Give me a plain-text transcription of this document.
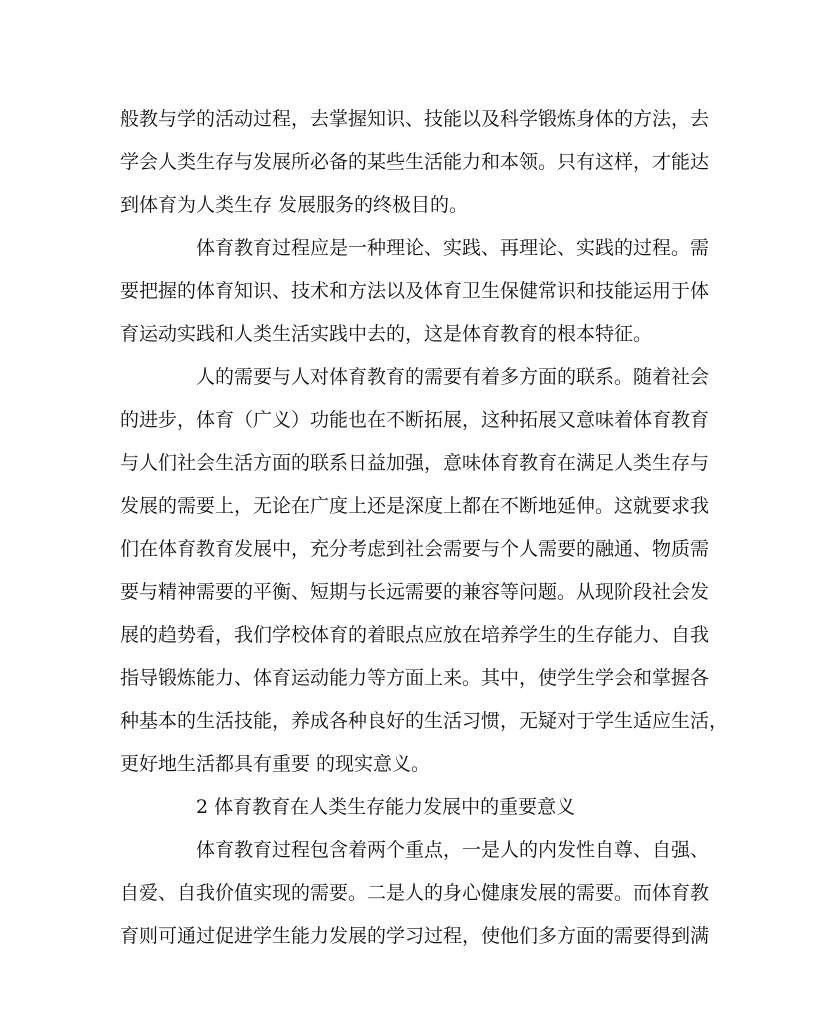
般教与学的活动过程，去掌握知识、技能以及科学锻炼身体的方法，去
学会人类生存与发展所必备的某些生活能力和本领。只有这样，才能达
到体育为人类生存 发展服务的终极目的。
体育教育过程应是一种理论、实践、再理论、实践的过程。需
要把握的体育知识、技术和方法以及体育卫生保健常识和技能运用于体
育运动实践和人类生活实践中去的，这是体育教育的根本特征。
人的需要与人对体育教育的需要有着多方面的联系。随着社会
的进步，体育（广义）功能也在不断拓展，这种拓展又意味着体育教育
与人们社会生活方面的联系日益加强，意味体育教育在满足人类生存与
发展的需要上，无论在广度上还是深度上都在不断地延伸。这就要求我
们在体育教育发展中，充分考虑到社会需要与个人需要的融通、物质需
要与精神需要的平衡、短期与长远需要的兼容等问题。从现阶段社会发
展的趋势看，我们学校体育的着眼点应放在培养学生的生存能力、自我
指导锻炼能力、体育运动能力等方面上来。其中，使学生学会和掌握各
种基本的生活技能，养成各种良好的生活习惯，无疑对于学生适应生活，
更好地生活都具有重要 的现实意义。
2 体育教育在人类生存能力发展中的重要意义
体育教育过程包含着两个重点，一是人的内发性自尊、自强、
自爱、自我价值实现的需要。二是人的身心健康发展的需要。而体育教
育则可通过促进学生能力发展的学习过程，使他们多方面的需要得到满
